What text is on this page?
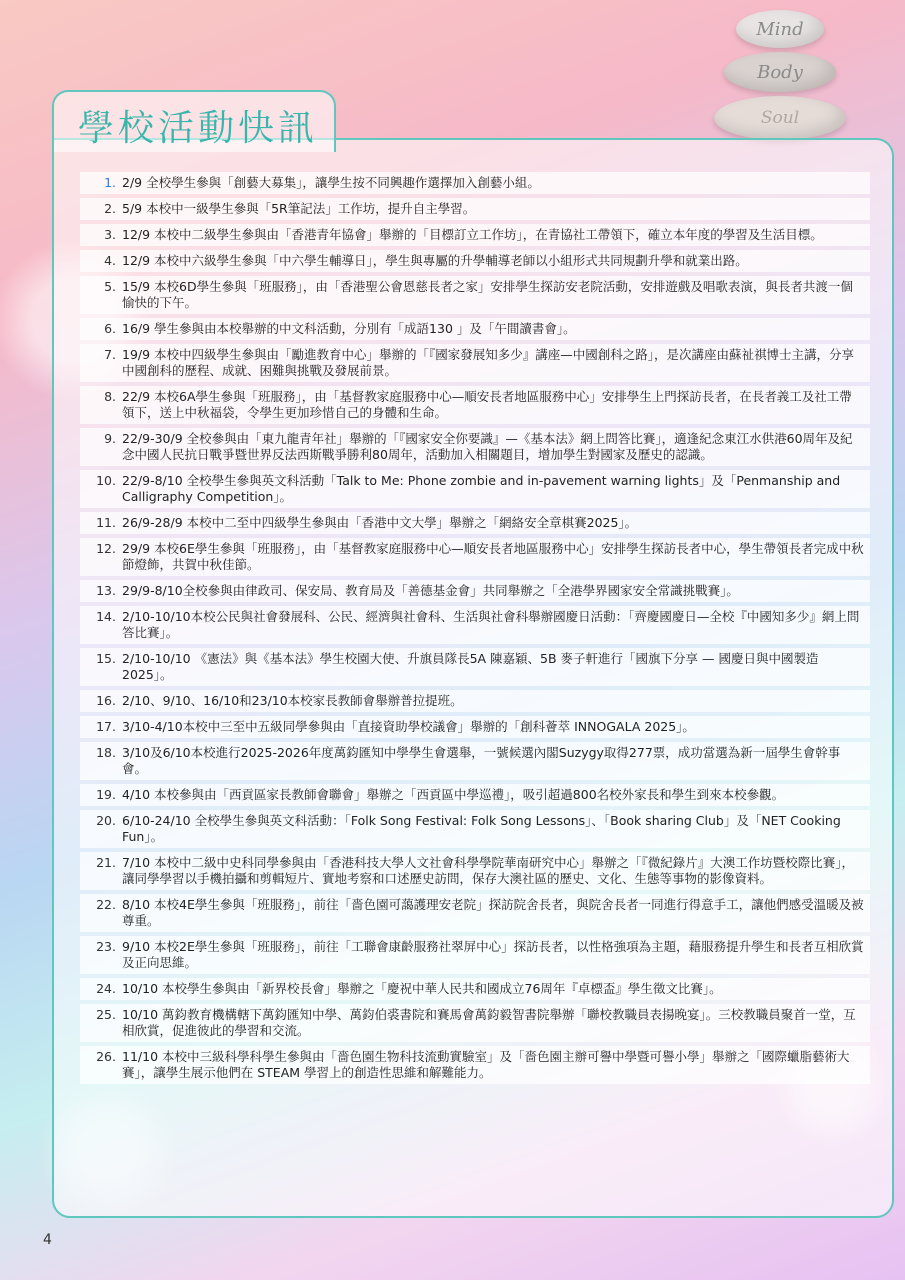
Mind
Body
Soul
學校活動快訊
1. 2/9 全校學生參與「創藝大募集」，讓學生按不同興趣作選擇加入創藝小組。
2. 5/9 本校中一級學生參與「5R筆記法」工作坊，提升自主學習。
3. 12/9 本校中二級學生參與由「香港青年協會」舉辦的「目標訂立工作坊」，在青協社工帶領下，確立本年度的學習及生活目標。
4. 12/9 本校中六級學生參與「中六學生輔導日」，學生與專屬的升學輔導老師以小組形式共同規劃升學和就業出路。
5. 15/9 本校6D學生參與「班服務」，由「香港聖公會恩慈長者之家」安排學生探訪安老院活動，安排遊戲及唱歌表演，與長者共渡一個愉快的下午。
6. 16/9 學生參與由本校舉辦的中文科活動，分別有「成語130 」及「午間讀書會」。
7. 19/9 本校中四級學生參與由「勵進教育中心」舉辦的「『國家發展知多少』講座—中國創科之路」，是次講座由蘇祉祺博士主講，分享中國創科的歷程、成就、困難與挑戰及發展前景。
8. 22/9 本校6A學生參與「班服務」，由「基督教家庭服務中心—順安長者地區服務中心」安排學生上門探訪長者，在長者義工及社工帶領下，送上中秋福袋，令學生更加珍惜自己的身體和生命。
9. 22/9-30/9 全校參與由「東九龍青年社」舉辦的「『國家安全你要識』—《基本法》網上問答比賽」，適逢紀念東江水供港60周年及紀念中國人民抗日戰爭暨世界反法西斯戰爭勝利80周年，活動加入相關題目，增加學生對國家及歷史的認識。
10. 22/9-8/10 全校學生參與英文科活動「Talk to Me: Phone zombie and in-pavement warning lights」及「Penmanship and Calligraphy Competition」。
11. 26/9-28/9 本校中二至中四級學生參與由「香港中文大學」舉辦之「網絡安全章棋賽2025」。
12. 29/9 本校6E學生參與「班服務」，由「基督教家庭服務中心—順安長者地區服務中心」安排學生探訪長者中心，學生帶領長者完成中秋節燈飾，共賀中秋佳節。
13. 29/9-8/10全校參與由律政司、保安局、教育局及「善德基金會」共同舉辦之「全港學界國家安全常識挑戰賽」。
14. 2/10-10/10本校公民與社會發展科、公民、經濟與社會科、生活與社會科舉辦國慶日活動：「齊慶國慶日—全校『中國知多少』網上問答比賽」。
15. 2/10-10/10 《憲法》與《基本法》學生校園大使、升旗員隊長5A 陳嘉穎、5B 麥子軒進行「國旗下分享 — 國慶日與中國製造2025」。
16. 2/10、9/10、16/10和23/10本校家長教師會舉辦普拉提班。
17. 3/10-4/10本校中三至中五級同學參與由「直接資助學校議會」舉辦的「創科薈萃 INNOGALA 2025」。
18. 3/10及6/10本校進行2025-2026年度萬鈞匯知中學學生會選舉，一號候選內閣Suzygy取得277票，成功當選為新一屆學生會幹事會。
19. 4/10 本校參與由「西貢區家長教師會聯會」舉辦之「西貢區中學巡禮」，吸引超過800名校外家長和學生到來本校參觀。
20. 6/10-24/10 全校學生參與英文科活動：「Folk Song Festival: Folk Song Lessons」、「Book sharing Club」及「NET Cooking Fun」。
21. 7/10 本校中二級中史科同學參與由「香港科技大學人文社會科學學院華南研究中心」舉辦之「『微紀錄片』大澳工作坊暨校際比賽」，讓同學學習以手機拍攝和剪輯短片、實地考察和口述歷史訪問，保存大澳社區的歷史、文化、生態等事物的影像資料。
22. 8/10 本校4E學生參與「班服務」，前往「嗇色園可藹護理安老院」探訪院舍長者，與院舍長者一同進行得意手工，讓他們感受溫暖及被尊重。
23. 9/10 本校2E學生參與「班服務」，前往「工聯會康齡服務社翠屏中心」探訪長者，以性格強項為主題，藉服務提升學生和長者互相欣賞及正向思維。
24. 10/10 本校學生參與由「新界校長會」舉辦之「慶祝中華人民共和國成立76周年『卓標盃』學生徵文比賽」。
25. 10/10 萬鈞教育機構轄下萬鈞匯知中學、萬鈞伯裘書院和賽馬會萬鈞毅智書院舉辦「聯校教職員表揚晚宴」。三校教職員聚首一堂，互相欣賞，促進彼此的學習和交流。
26. 11/10 本校中三級科學科學生參與由「嗇色園生物科技流動實驗室」及「嗇色園主辦可譽中學暨可譽小學」舉辦之「國際蠟脂藝術大賽」，讓學生展示他們在 STEAM 學習上的創造性思維和解難能力。
4
